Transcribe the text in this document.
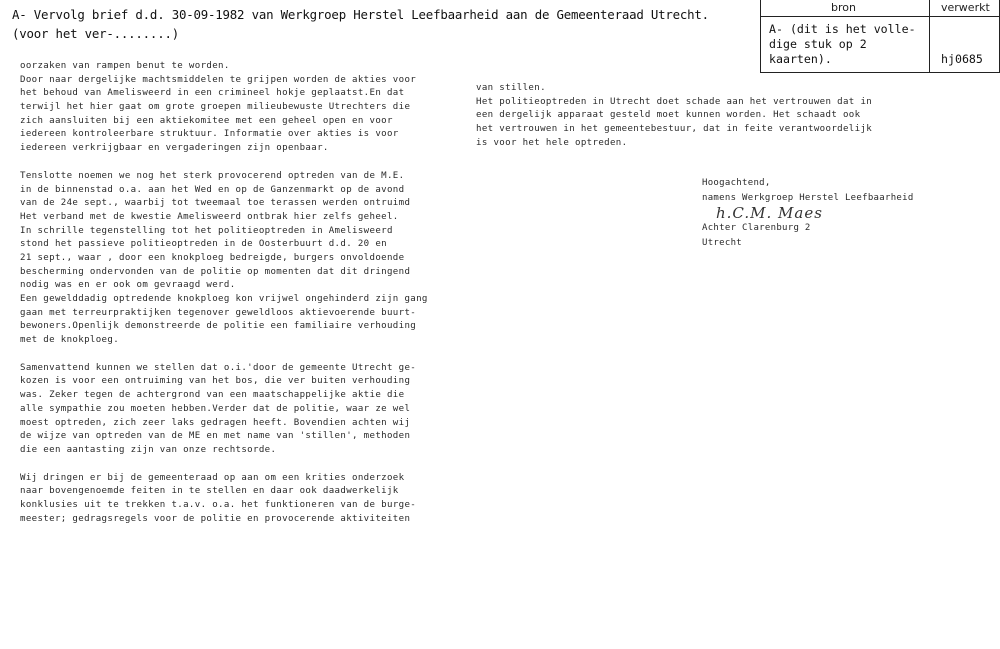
A- Vervolg brief d.d. 30-09-1982 van Werkgroep Herstel Leefbaarheid aan de Gemeenteraad Utrecht.
(voor het ver-........)
bron	verwerkt
A- (dit is het volle-
dige stuk op 2
kaarten).	hj0685
oorzaken van rampen benut te worden.
Door naar dergelijke machtsmiddelen te grijpen worden de akties voor
het behoud van Amelisweerd in een crimineel hokje geplaatst.En dat
terwijl het hier gaat om grote groepen milieubewuste Utrechters die
zich aansluiten bij een aktiekomitee met een geheel open en voor
iedereen kontroleerbare struktuur. Informatie over akties is voor
iedereen verkrijgbaar en vergaderingen zijn openbaar.
Tenslotte noemen we nog het sterk provocerend optreden van de M.E.
in de binnenstad o.a. aan het Wed en op de Ganzenmarkt op de avond
van de 24e sept., waarbij tot tweemaal toe terassen werden ontruimd
Het verband met de kwestie Amelisweerd ontbrak hier zelfs geheel.
In schrille tegenstelling tot het politieoptreden in Amelisweerd
stond het passieve politieoptreden in de Oosterbuurt d.d. 20 en
21 sept., waar , door een knokploeg bedreigde, burgers onvoldoende
bescherming ondervonden van de politie op momenten dat dit dringend
nodig was en er ook om gevraagd werd.
Een gewelddadig optredende knokploeg kon vrijwel ongehinderd zijn gang
gaan met terreurpraktijken tegenover geweldloos aktievoerende buurt-
bewoners.Openlijk demonstreerde de politie een familiaire verhouding
met de knokploeg.
Samenvattend kunnen we stellen dat o.i.'door de gemeente Utrecht ge-
kozen is voor een ontruiming van het bos, die ver buiten verhouding
was. Zeker tegen de achtergrond van een maatschappelijke aktie die
alle sympathie zou moeten hebben.Verder dat de politie, waar ze wel
moest optreden, zich zeer laks gedragen heeft. Bovendien achten wij
de wijze van optreden van de ME en met name van 'stillen', methoden
die een aantasting zijn van onze rechtsorde.
Wij dringen er bij de gemeenteraad op aan om een krities onderzoek
naar bovengenoemde feiten in te stellen en daar ook daadwerkelijk
konklusies uit te trekken t.a.v. o.a. het funktioneren van de burge-
meester; gedragsregels voor de politie en provocerende aktiviteiten
van stillen.
Het politieoptreden in Utrecht doet schade aan het vertrouwen dat in
een dergelijk apparaat gesteld moet kunnen worden. Het schaadt ook
het vertrouwen in het gemeentebestuur, dat in feite verantwoordelijk
is voor het hele optreden.
Hoogachtend,
namens Werkgroep Herstel Leefbaarheid

Achter Clarenburg 2
Utrecht
h.C.M. Maes
